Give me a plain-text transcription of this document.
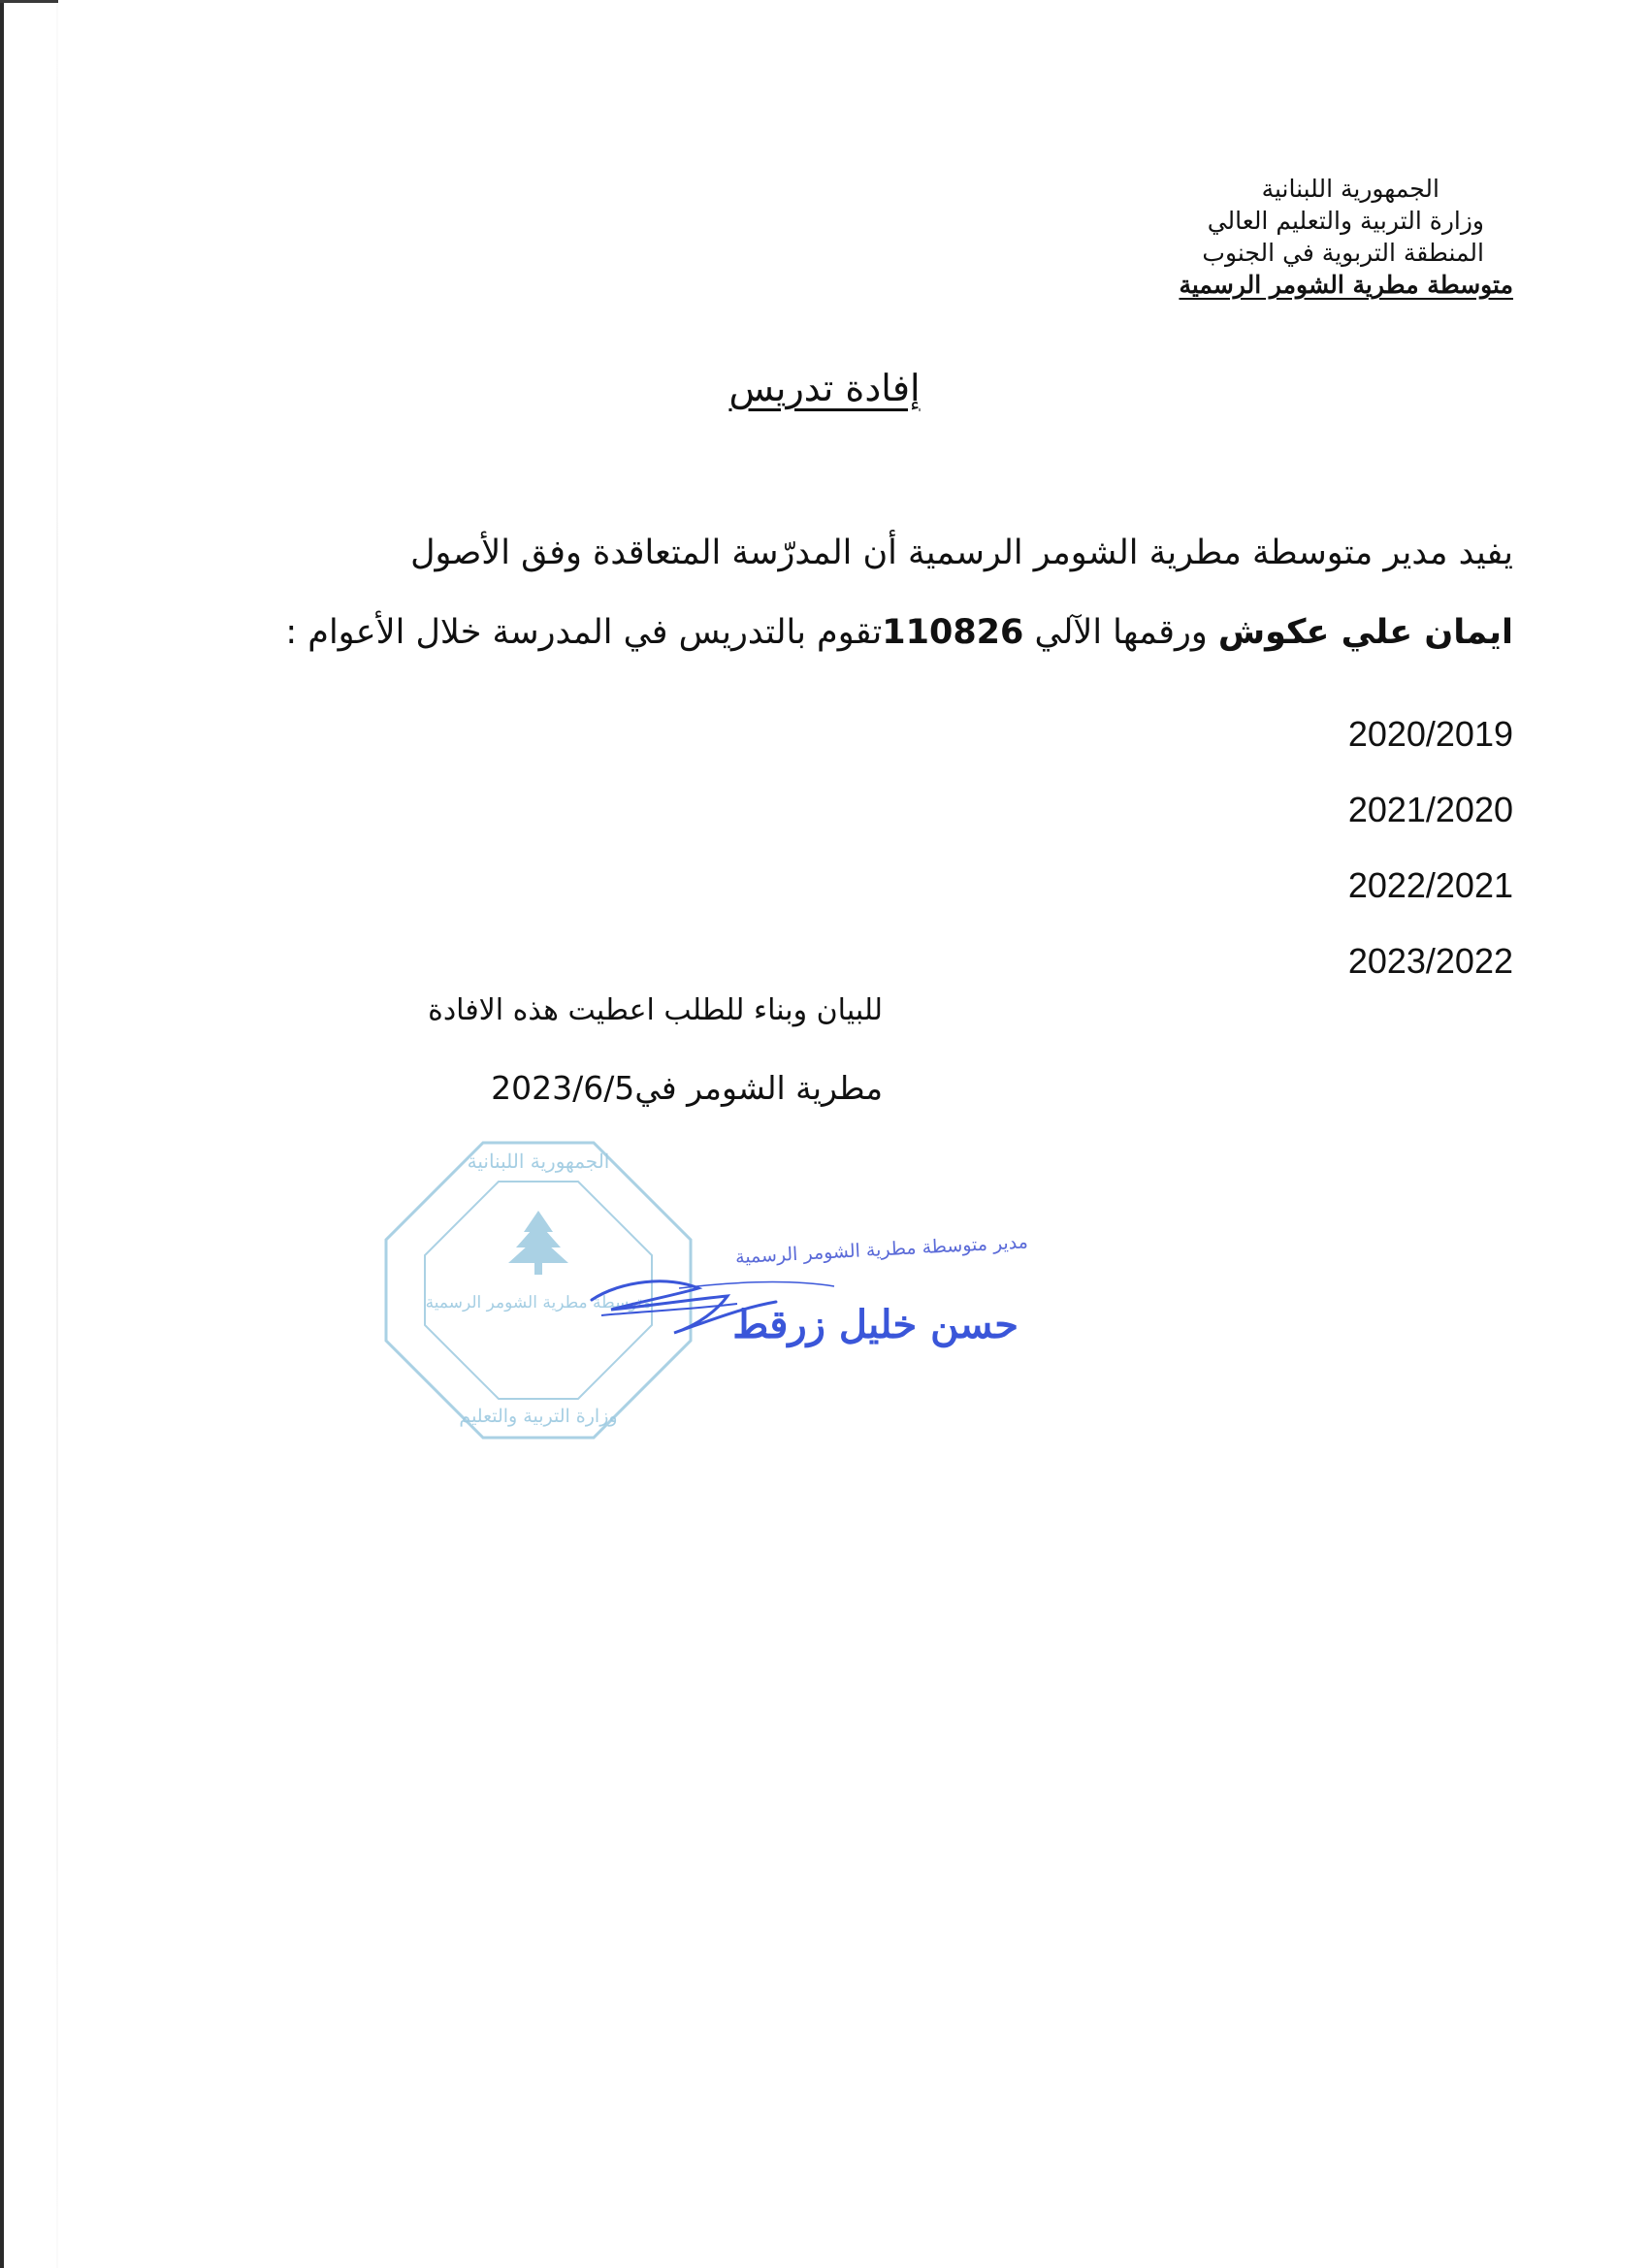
الجمهورية اللبنانية
وزارة التربية والتعليم العالي
المنطقة التربوية في الجنوب
متوسطة مطرية الشومر الرسمية
إفادة تدريس
يفيد مدير متوسطة مطرية الشومر الرسمية أن المدرّسة المتعاقدة وفق الأصول
ايمان علي عكوش ورقمها الآلي 110826تقوم بالتدريس في المدرسة خلال الأعوام :
2020/2019
2021/2020
2022/2021
2023/2022
للبيان وبناء للطلب اعطيت هذه الافادة
مطرية الشومر في2023/6/5
متوسطة مطرية الشومر الرسمية
الجمهورية اللبنانية
وزارة التربية والتعليم
مدير متوسطة مطرية الشومر الرسمية
حسن خليل زرقط
